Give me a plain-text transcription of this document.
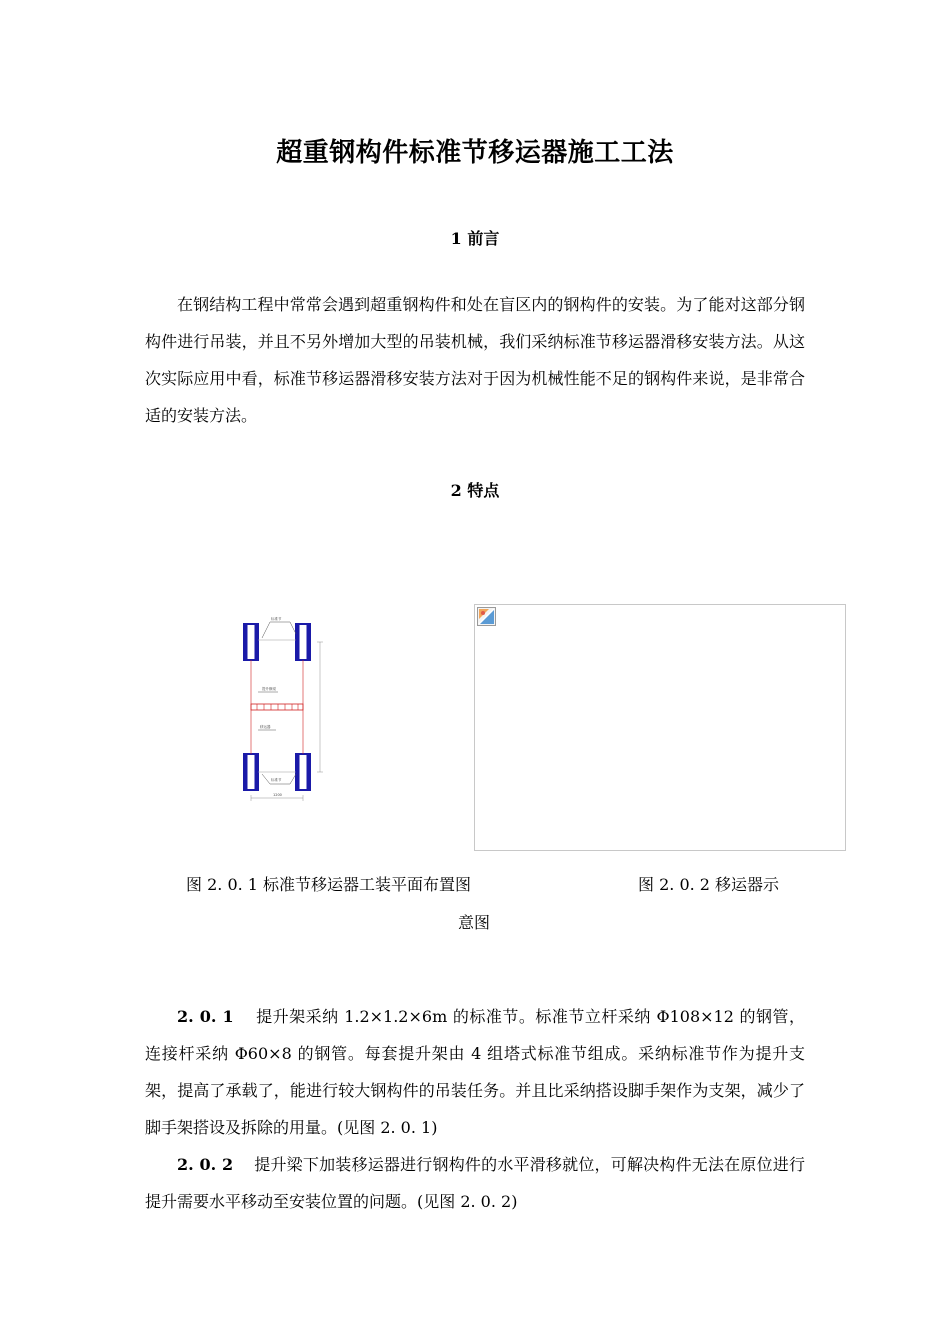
超重钢构件标准节移运器施工工法
1 前言

在钢结构工程中常常会遇到超重钢构件和处在盲区内的钢构件的安装。为了能对这部分钢构件进行吊装，并且不另外增加大型的吊装机械，我们采纳标准节移运器滑移安装方法。从这次实际应用中看，标准节移运器滑移安装方法对于因为机械性能不足的钢构件来说，是非常合适的安装方法。

2 特点
标准节
提升横梁
移运器
标准节
1200
图 2. 0. 1 标准节移运器工装平面布置图	图 2. 0. 2 移运器示
意图

2. 0. 1 提升架采纳 1.2×1.2×6m 的标准节。标准节立杆采纳 Φ108×12 的钢管，连接杆采纳 Φ60×8 的钢管。每套提升架由 4 组塔式标准节组成。采纳标准节作为提升支架，提高了承载了，能进行较大钢构件的吊装任务。并且比采纳搭设脚手架作为支架，减少了脚手架搭设及拆除的用量。(见图 2. 0. 1)

2. 0. 2 提升梁下加装移运器进行钢构件的水平滑移就位，可解决构件无法在原位进行提升需要水平移动至安装位置的问题。(见图 2. 0. 2)
